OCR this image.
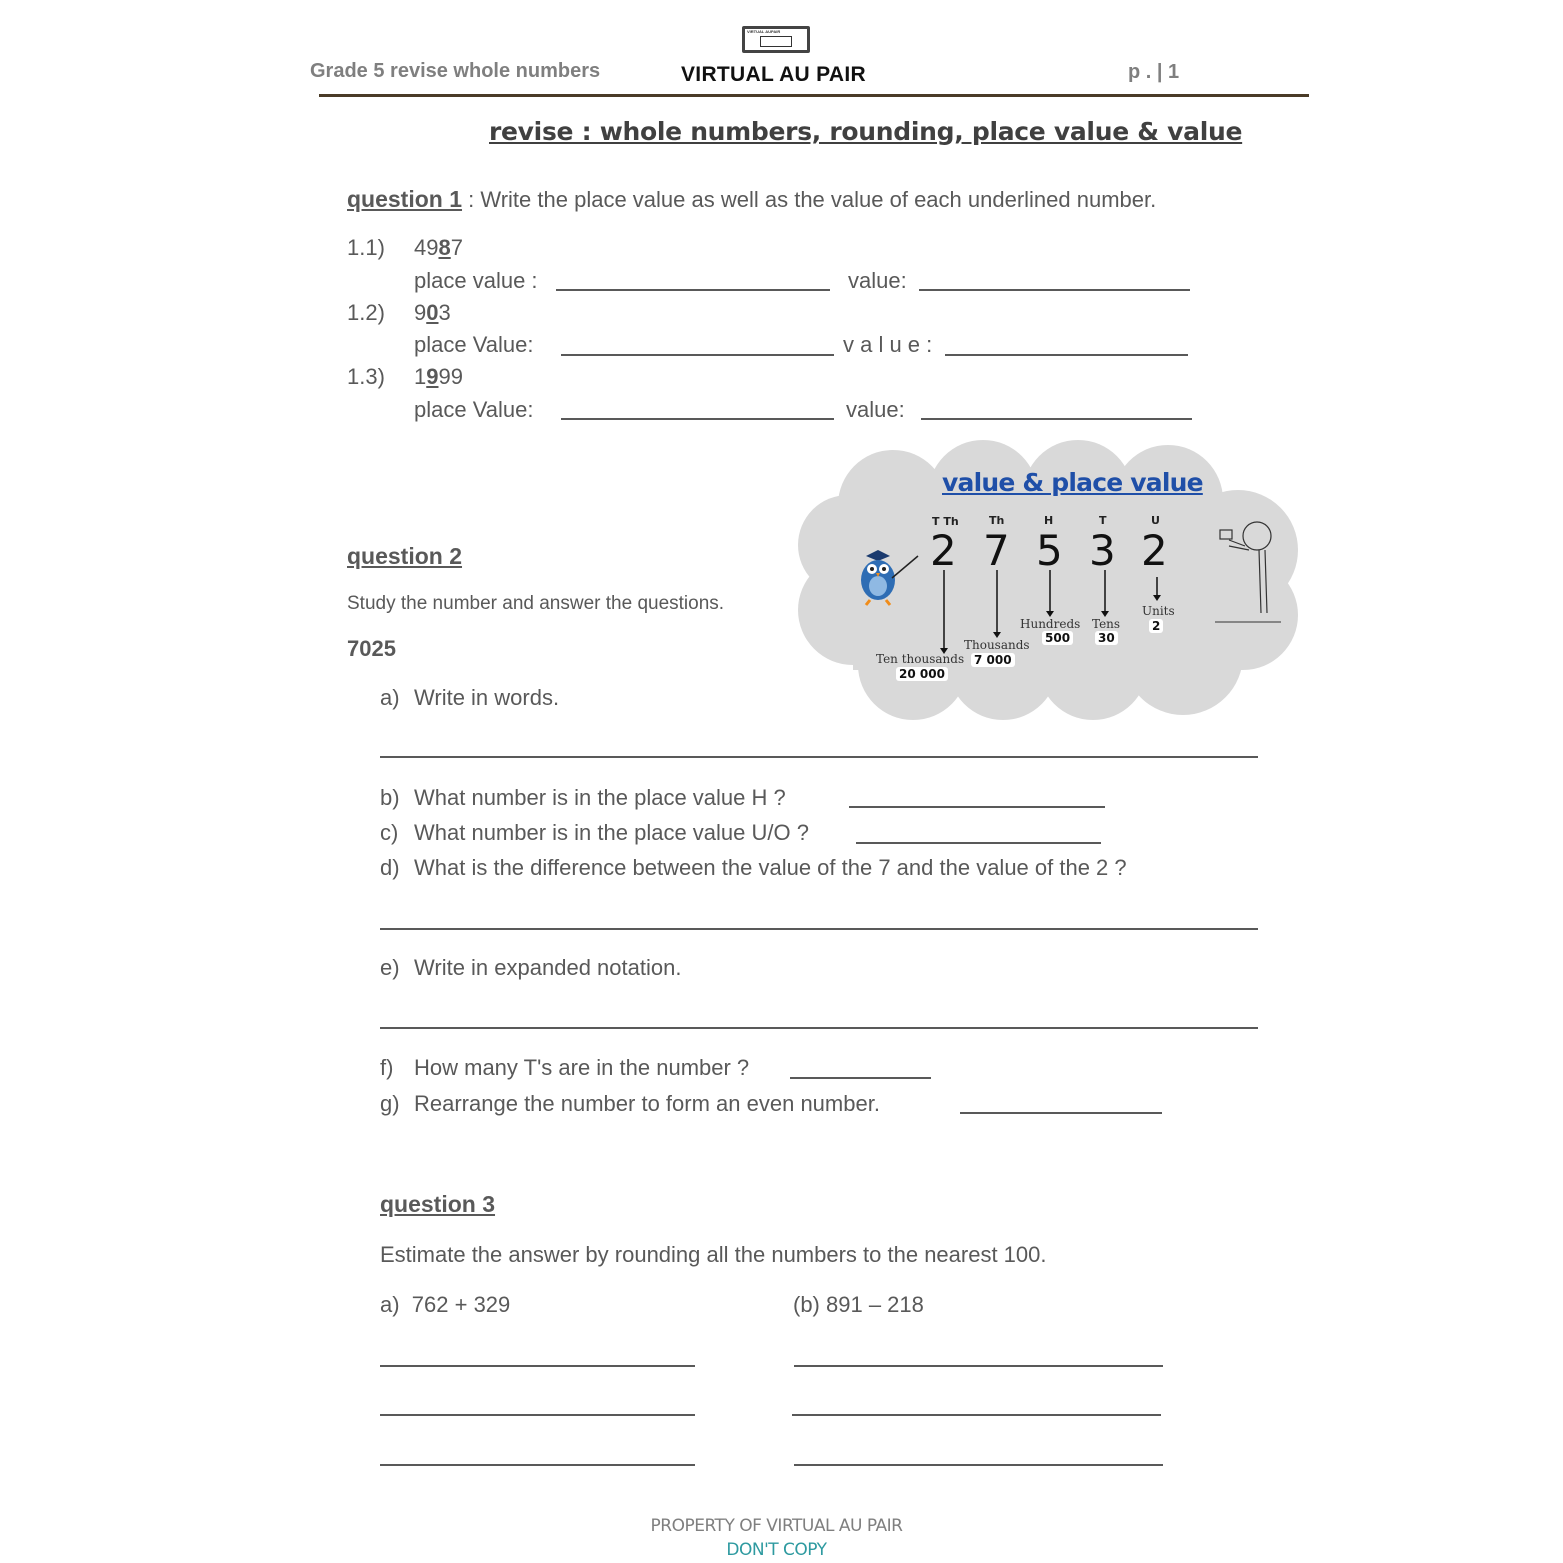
VIRTUAL AUPAIR
Grade 5 revise whole numbers	VIRTUAL AU PAIR	p . | 1
revise : whole numbers, rounding, place value & value
question 1 : Write the place value as well as the value of each underlined number.
1.1) 4987
place value :	value:
1.2) 903
place Value:	v a l u e :
1.3) 1999
place Value:	value:
value & place value
T Th	Th	H	T	U
2 7 5 3 2
Ten thousands
20 000
Thousands
7 000
Hundreds
500
Tens
30
Units
2
question 2
Study the number and answer the questions.
7025
a) Write in words.
b) What number is in the place value H ?
c) What number is in the place value U/O ?
d) What is the difference between the value of the 7 and the value of the 2 ?
e) Write in expanded notation.
f) How many T's are in the number ?
g) Rearrange the number to form an even number.
question 3
Estimate the answer by rounding all the numbers to the nearest 100.
a)  762 + 329	(b) 891 – 218
PROPERTY OF VIRTUAL AU PAIR
DON'T COPY
